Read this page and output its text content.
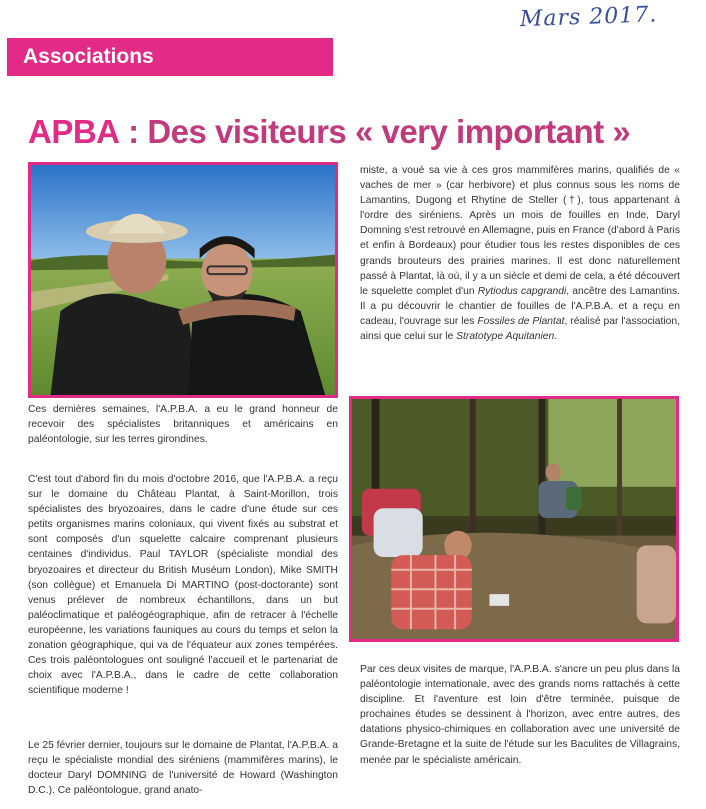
Mars 2017.
Associations
APBA : Des visiteurs « very important »

miste, a voué sa vie à ces gros mammifères marins, qualifiés de « vaches de mer » (car herbivore) et plus connus sous les noms de Lamantins, Dugong et Rhytine de Steller (†), tous appartenant à l'ordre des siréniens. Après un mois de fouilles en Inde, Daryl Domning s'est retrouvé en Allemagne, puis en France (d'abord à Paris et enfin à Bordeaux) pour étudier tous les restes disponibles de ces grands brouteurs des prairies marines. Il est donc naturellement passé à Plantat, là où, il y a un siècle et demi de cela, a été découvert le squelette complet d'un Rytiodus capgrandi, ancêtre des Lamantins. Il a pu découvrir le chantier de fouilles de l'A.P.B.A. et a reçu en cadeau, l'ouvrage sur les Fossiles de Plantat, réalisé par l'association, ainsi que celui sur le Stratotype Aquitanien.

Ces dernières semaines, l'A.P.B.A. a eu le grand honneur de recevoir des spécialistes britanniques et américains en paléontologie, sur les terres girondines.

C'est tout d'abord fin du mois d'octobre 2016, que l'A.P.B.A. a reçu sur le domaine du Château Plantat, à Saint-Morillon, trois spécialistes des bryozoaires, dans le cadre d'une étude sur ces petits organismes marins coloniaux, qui vivent fixés au substrat et sont composés d'un squelette calcaire comprenant plusieurs centaines d'individus. Paul TAYLOR (spécialiste mondial des bryozoaires et directeur du British Muséum London), Mike SMITH (son collègue) et Emanuela Di MARTINO (post-doctorante) sont venus prélever de nombreux échantillons, dans un but paléoclimatique et paléogéographique, afin de retracer à l'échelle européenne, les variations fauniques au cours du temps et selon la zonation géographique, qui va de l'équateur aux zones tempérées. Ces trois paléontologues ont souligné l'accueil et le partenariat de choix avec l'A.P.B.A., dans le cadre de cette collaboration scientifique moderne !

Le 25 février dernier, toujours sur le domaine de Plantat, l'A.P.B.A. a reçu le spécialiste mondial des siréniens (mammifères marins), le docteur Daryl DOMNING de l'université de Howard (Washington D.C.). Ce paléontologue, grand anato-

Par ces deux visites de marque, l'A.P.B.A. s'ancre un peu plus dans la paléontologie internationale, avec des grands noms rattachés à cette discipline. Et l'aventure est loin d'être terminée, puisque de prochaines études se dessinent à l'horizon, avec entre autres, des datations physico-chimiques en collaboration avec une université de Grande-Bretagne et la suite de l'étude sur les Baculites de Villagrains, menée par le spécialiste américain.
